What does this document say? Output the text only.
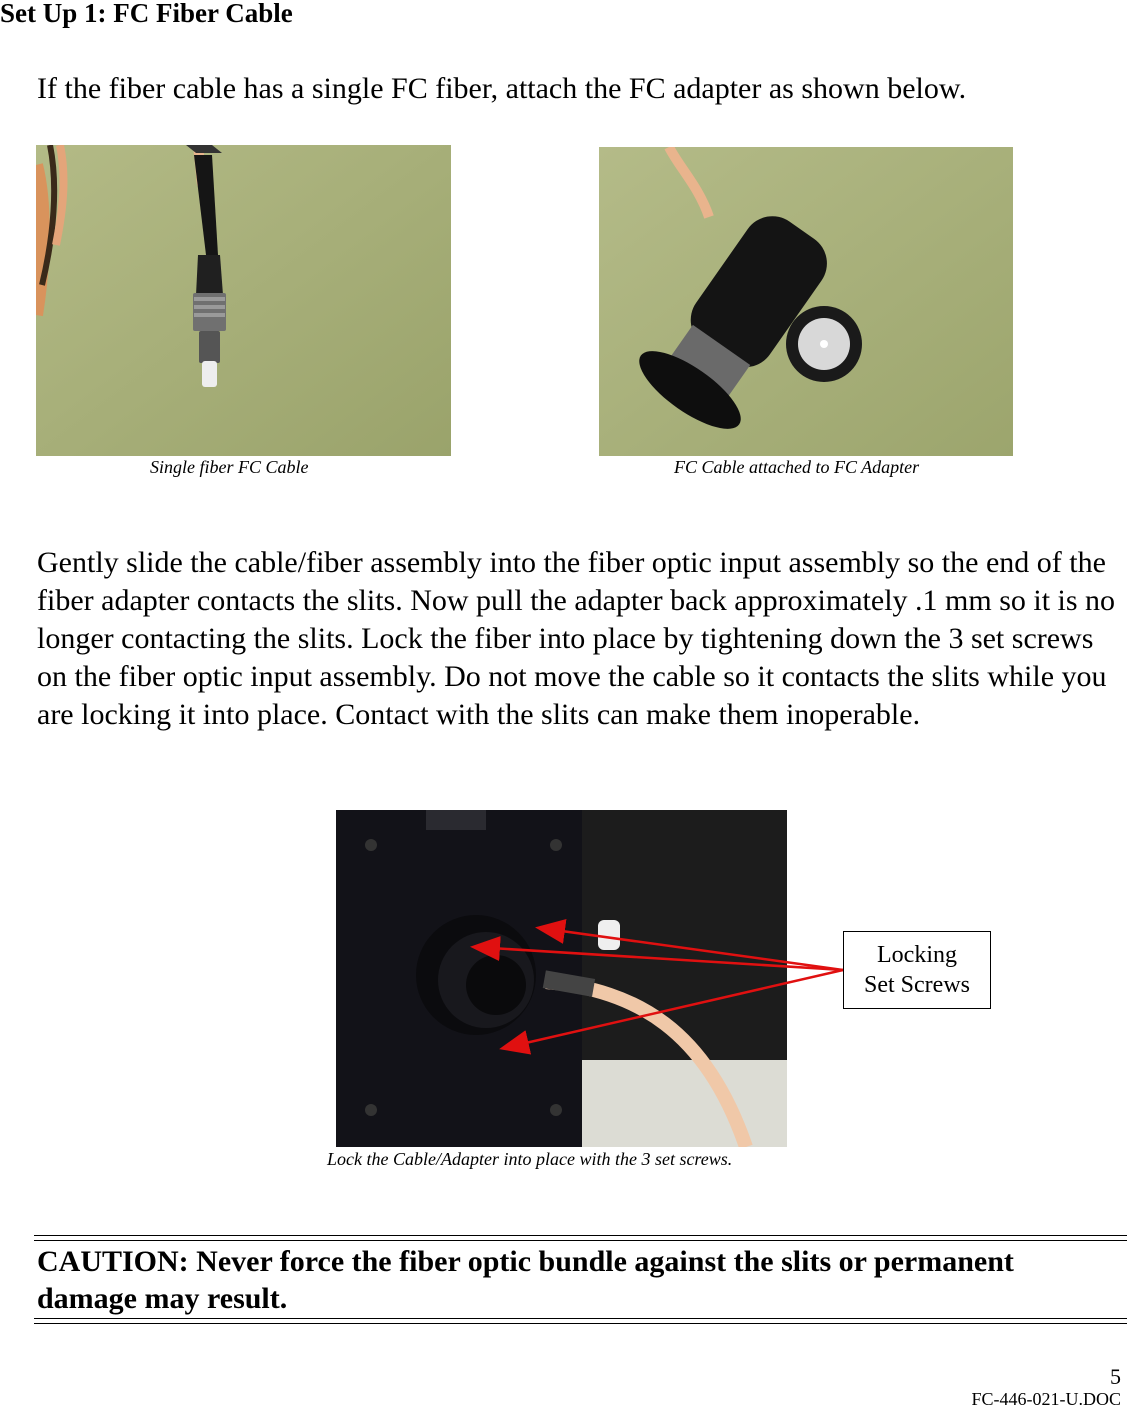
Set Up 1: FC Fiber Cable
If the fiber cable has a single FC fiber, attach the FC adapter as shown below.
Single fiber FC Cable	FC Cable attached to FC Adapter
Gently slide the cable/fiber assembly into the fiber optic input assembly so the end of the fiber adapter contacts the slits. Now pull the adapter back approximately .1 mm so it is no longer contacting the slits. Lock the fiber into place by tightening down the 3 set screws on the fiber optic input assembly. Do not move the cable so it contacts the slits while you are locking it into place. Contact with the slits can make them inoperable.
Lock the Cable/Adapter into place with the 3 set screws.
Locking Set Screws
CAUTION: Never force the fiber optic bundle against the slits or permanent damage may result.
5
FC-446-021-U.DOC
